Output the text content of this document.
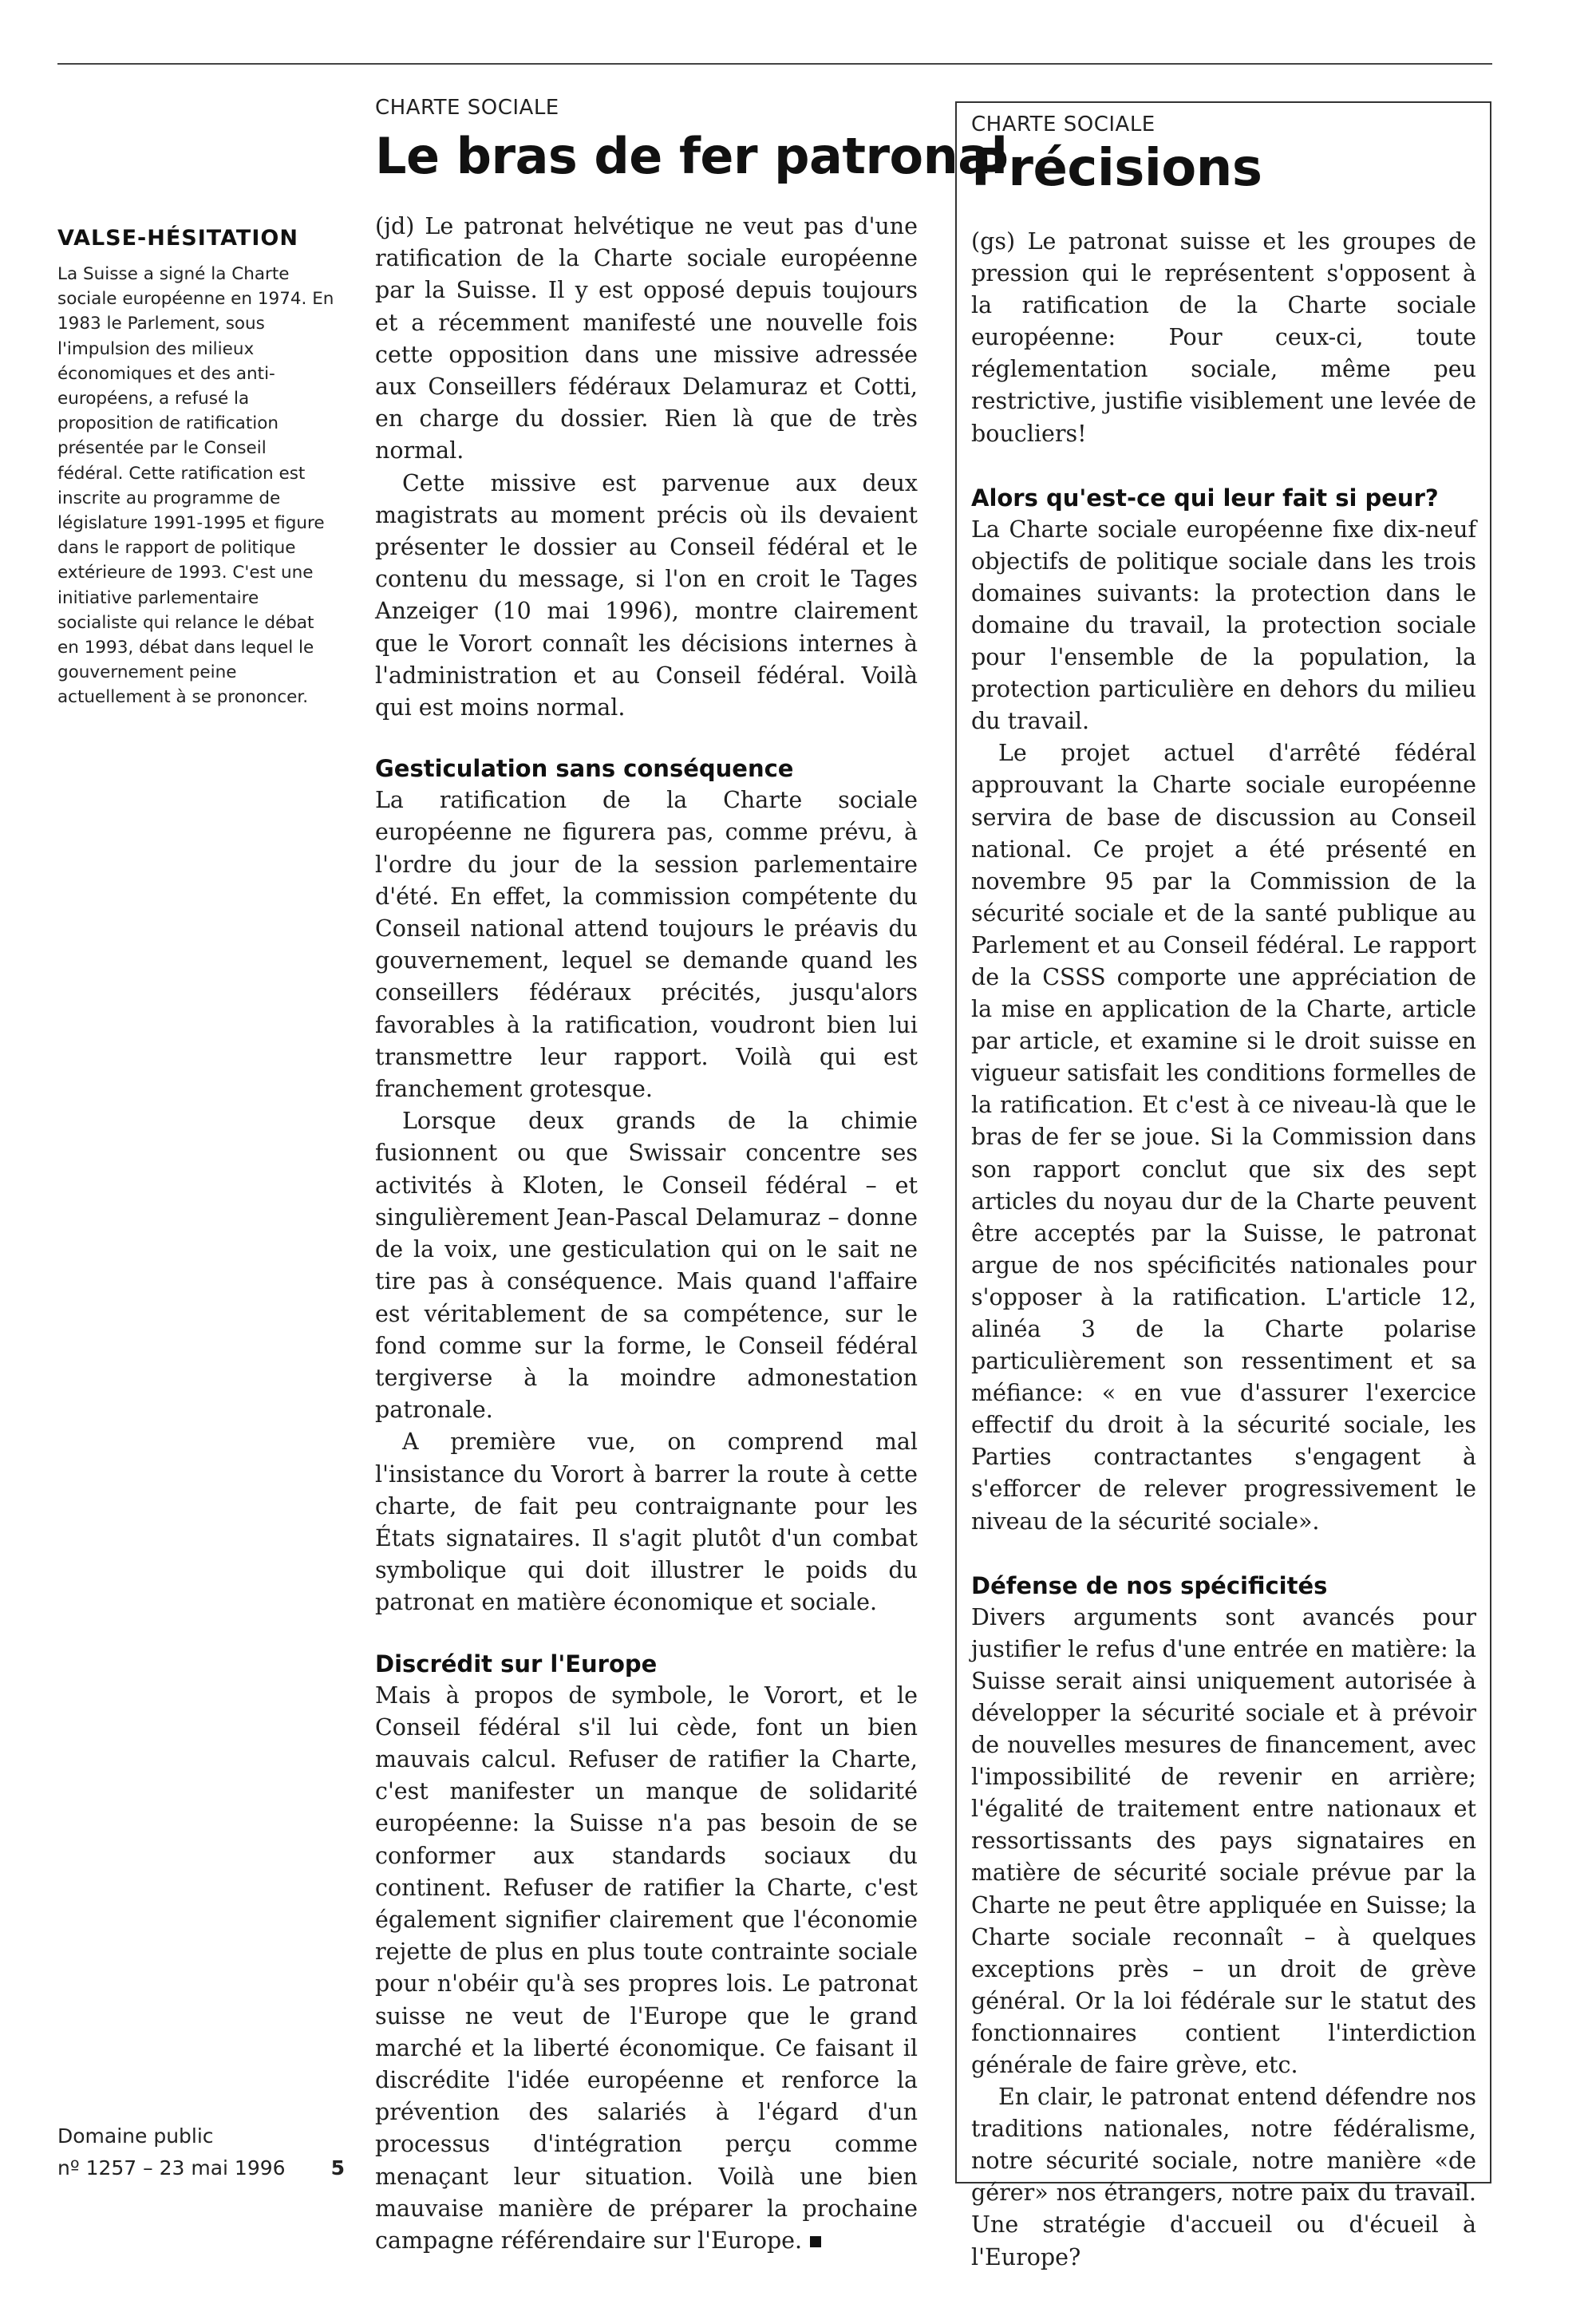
VALSE-HÉSITATION

La Suisse a signé la Charte sociale européenne en 1974. En 1983 le Parlement, sous l'impulsion des milieux économiques et des anti-européens, a refusé la proposition de ratification présentée par le Conseil fédéral. Cette ratification est inscrite au programme de législature 1991-1995 et figure dans le rapport de politique extérieure de 1993. C'est une initiative parlementaire socialiste qui relance le débat en 1993, débat dans lequel le gouvernement peine actuellement à se prononcer.

Domaine public
nº 1257 – 23 mai 1996 5
CHARTE SOCIALE
Le bras de fer patronal

(jd) Le patronat helvétique ne veut pas d'une ratification de la Charte sociale européenne par la Suisse. Il y est opposé depuis toujours et a récemment manifesté une nouvelle fois cette opposition dans une missive adressée aux Conseillers fédéraux Delamuraz et Cotti, en charge du dossier. Rien là que de très normal.

Cette missive est parvenue aux deux magistrats au moment précis où ils devaient présenter le dossier au Conseil fédéral et le contenu du message, si l'on en croit le Tages Anzeiger (10 mai 1996), montre clairement que le Vorort connaît les décisions internes à l'administration et au Conseil fédéral. Voilà qui est moins normal.

Gesticulation sans conséquence

La ratification de la Charte sociale européenne ne figurera pas, comme prévu, à l'ordre du jour de la session parlementaire d'été. En effet, la commission compétente du Conseil national attend toujours le préavis du gouvernement, lequel se demande quand les conseillers fédéraux précités, jusqu'alors favorables à la ratification, voudront bien lui transmettre leur rapport. Voilà qui est franchement grotesque.

Lorsque deux grands de la chimie fusionnent ou que Swissair concentre ses activités à Kloten, le Conseil fédéral – et singulièrement Jean-Pascal Delamuraz – donne de la voix, une gesticulation qui on le sait ne tire pas à conséquence. Mais quand l'affaire est véritablement de sa compétence, sur le fond comme sur la forme, le Conseil fédéral tergiverse à la moindre admonestation patronale.

A première vue, on comprend mal l'insistance du Vorort à barrer la route à cette charte, de fait peu contraignante pour les États signataires. Il s'agit plutôt d'un combat symbolique qui doit illustrer le poids du patronat en matière économique et sociale.

Discrédit sur l'Europe

Mais à propos de symbole, le Vorort, et le Conseil fédéral s'il lui cède, font un bien mauvais calcul. Refuser de ratifier la Charte, c'est manifester un manque de solidarité européenne: la Suisse n'a pas besoin de se conformer aux standards sociaux du continent. Refuser de ratifier la Charte, c'est également signifier clairement que l'économie rejette de plus en plus toute contrainte sociale pour n'obéir qu'à ses propres lois. Le patronat suisse ne veut de l'Europe que le grand marché et la liberté économique. Ce faisant il discrédite l'idée européenne et renforce la prévention des salariés à l'égard d'un processus d'intégration perçu comme menaçant leur situation. Voilà une bien mauvaise manière de préparer la prochaine campagne référendaire sur l'Europe.

CHARTE SOCIALE
Précisions

(gs) Le patronat suisse et les groupes de pression qui le représentent s'opposent à la ratification de la Charte sociale européenne: Pour ceux-ci, toute réglementation sociale, même peu restrictive, justifie visiblement une levée de boucliers!

Alors qu'est-ce qui leur fait si peur?

La Charte sociale européenne fixe dix-neuf objectifs de politique sociale dans les trois domaines suivants: la protection dans le domaine du travail, la protection sociale pour l'ensemble de la population, la protection particulière en dehors du milieu du travail.

Le projet actuel d'arrêté fédéral approuvant la Charte sociale européenne servira de base de discussion au Conseil national. Ce projet a été présenté en novembre 95 par la Commission de la sécurité sociale et de la santé publique au Parlement et au Conseil fédéral. Le rapport de la CSSS comporte une appréciation de la mise en application de la Charte, article par article, et examine si le droit suisse en vigueur satisfait les conditions formelles de la ratification. Et c'est à ce niveau-là que le bras de fer se joue. Si la Commission dans son rapport conclut que six des sept articles du noyau dur de la Charte peuvent être acceptés par la Suisse, le patronat argue de nos spécificités nationales pour s'opposer à la ratification. L'article 12, alinéa 3 de la Charte polarise particulièrement son ressentiment et sa méfiance: « en vue d'assurer l'exercice effectif du droit à la sécurité sociale, les Parties contractantes s'engagent à s'efforcer de relever progressivement le niveau de la sécurité sociale».

Défense de nos spécificités

Divers arguments sont avancés pour justifier le refus d'une entrée en matière: la Suisse serait ainsi uniquement autorisée à développer la sécurité sociale et à prévoir de nouvelles mesures de financement, avec l'impossibilité de revenir en arrière; l'égalité de traitement entre nationaux et ressortissants des pays signataires en matière de sécurité sociale prévue par la Charte ne peut être appliquée en Suisse; la Charte sociale reconnaît – à quelques exceptions près – un droit de grève général. Or la loi fédérale sur le statut des fonctionnaires contient l'interdiction générale de faire grève, etc.

En clair, le patronat entend défendre nos traditions nationales, notre fédéralisme, notre sécurité sociale, notre manière «de gérer» nos étrangers, notre paix du travail. Une stratégie d'accueil ou d'écueil à l'Europe?
